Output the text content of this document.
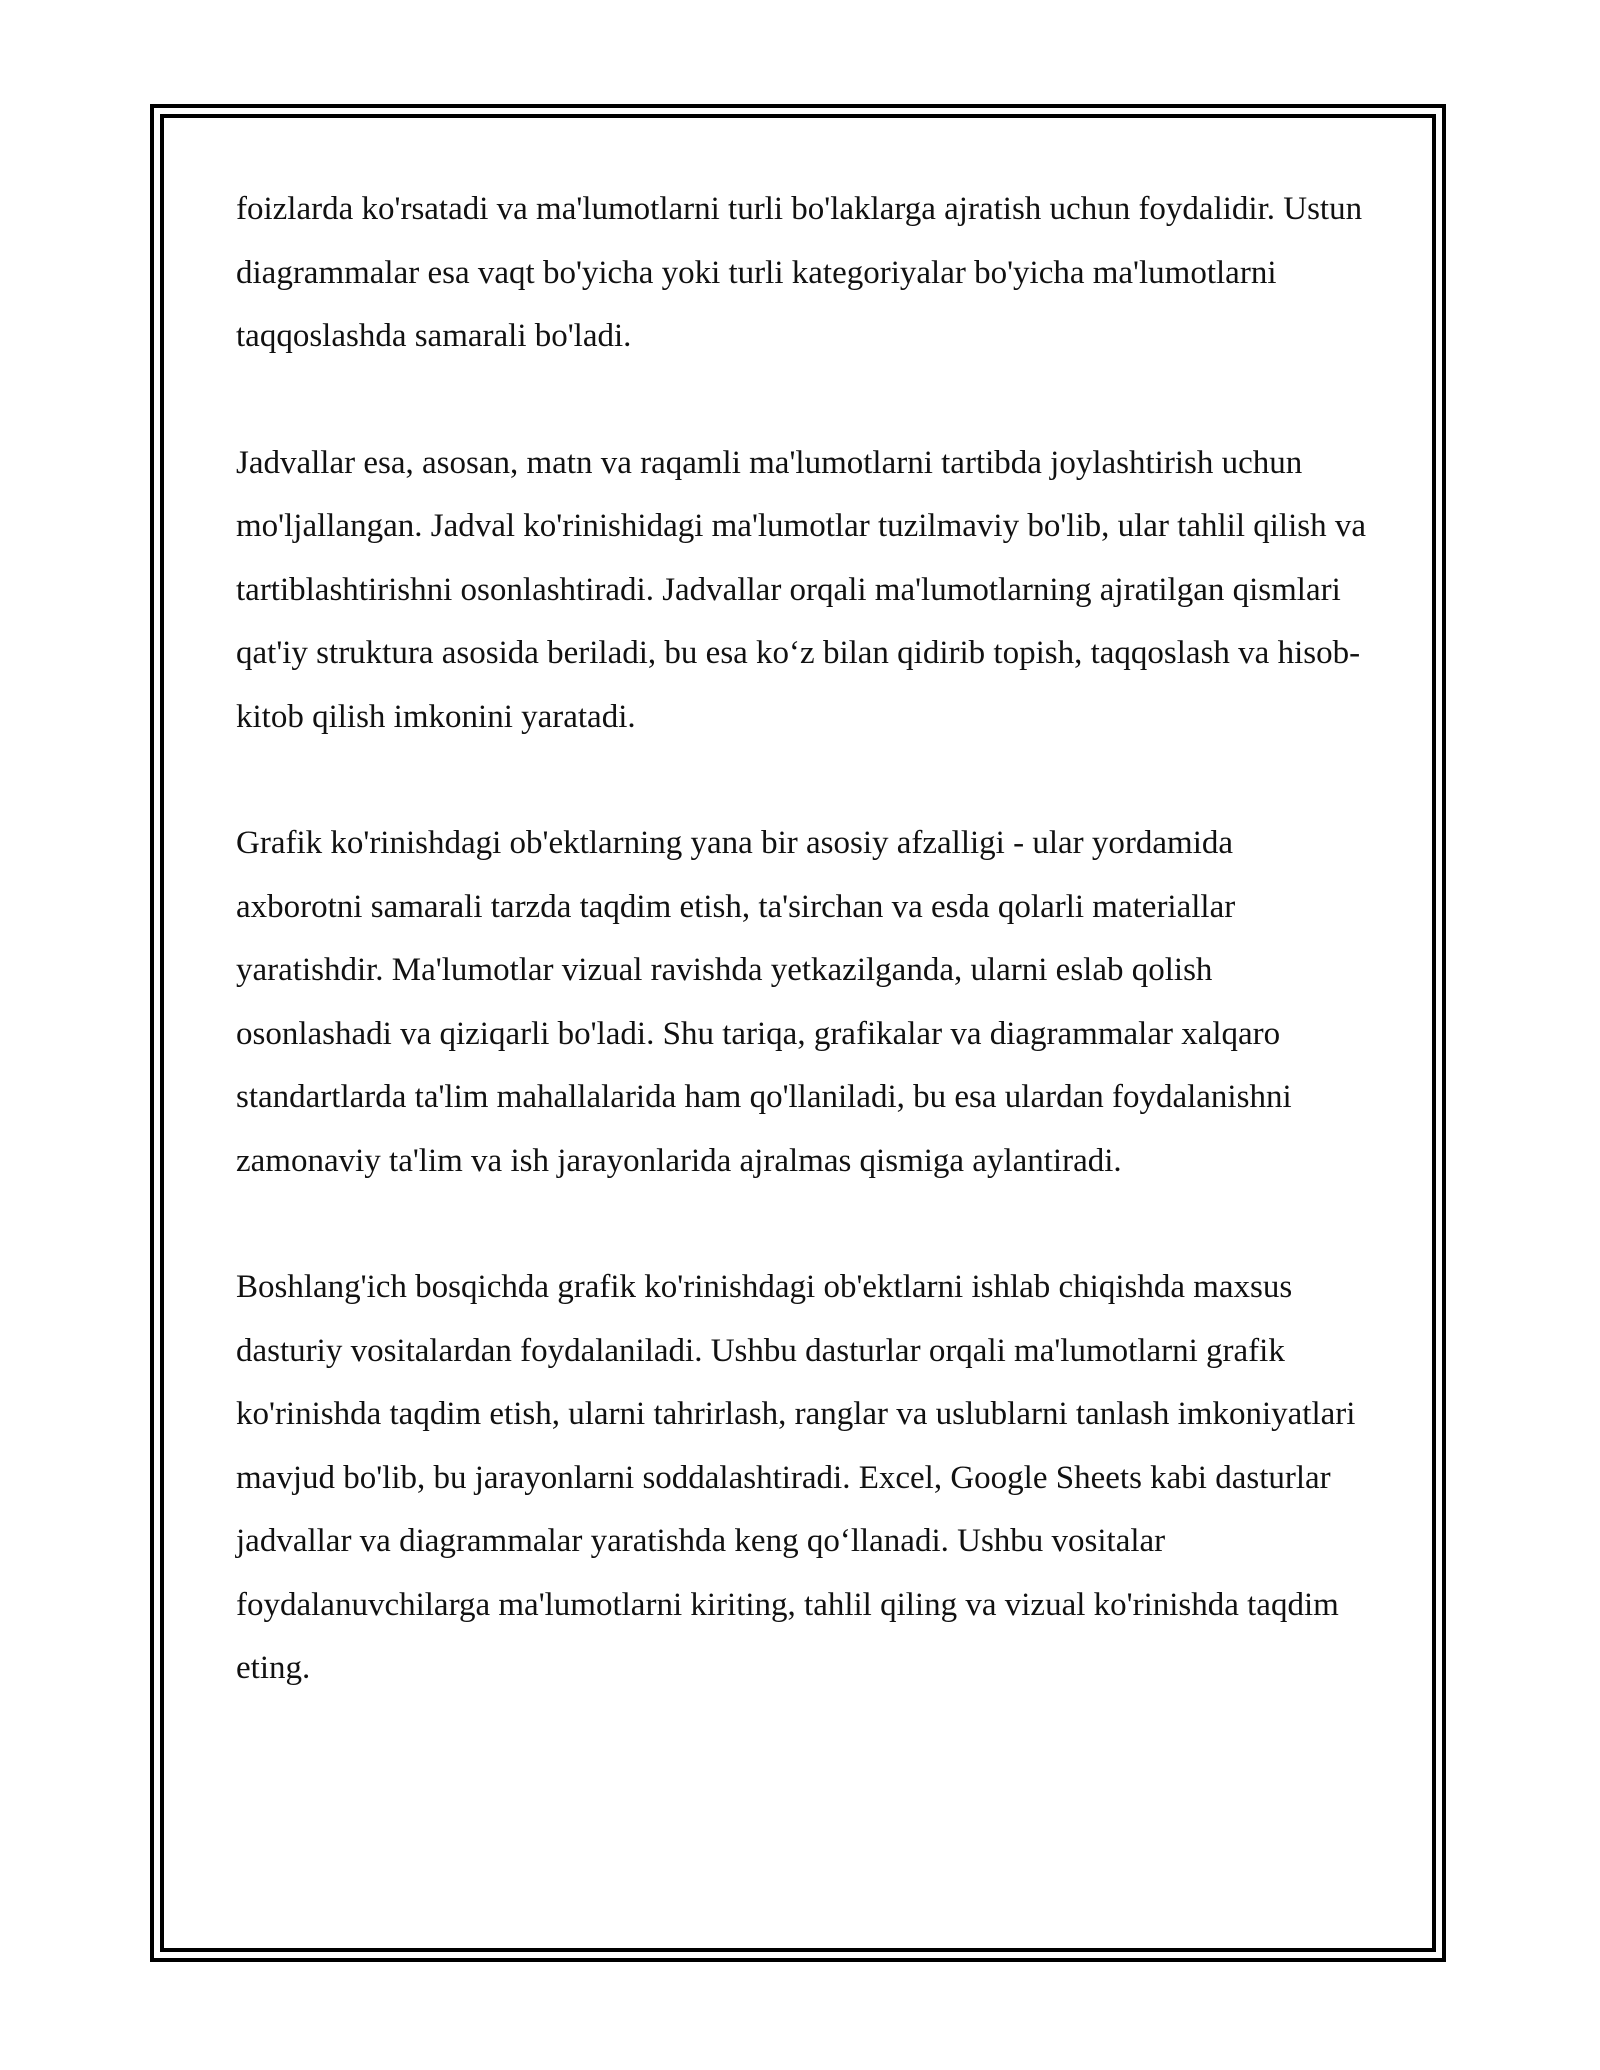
foizlarda ko'rsatadi va ma'lumotlarni turli bo'laklarga ajratish uchun foydalidir. Ustun diagrammalar esa vaqt bo'yicha yoki turli kategoriyalar bo'yicha ma'lumotlarni taqqoslashda samarali bo'ladi.

Jadvallar esa, asosan, matn va raqamli ma'lumotlarni tartibda joylashtirish uchun mo'ljallangan. Jadval ko'rinishidagi ma'lumotlar tuzilmaviy bo'lib, ular tahlil qilish va tartiblashtirishni osonlashtiradi. Jadvallar orqali ma'lumotlarning ajratilgan qismlari qat'iy struktura asosida beriladi, bu esa ko‘z bilan qidirib topish, taqqoslash va hisob-kitob qilish imkonini yaratadi.

Grafik ko'rinishdagi ob'ektlarning yana bir asosiy afzalligi - ular yordamida axborotni samarali tarzda taqdim etish, ta'sirchan va esda qolarli materiallar yaratishdir. Ma'lumotlar vizual ravishda yetkazilganda, ularni eslab qolish osonlashadi va qiziqarli bo'ladi. Shu tariqa, grafikalar va diagrammalar xalqaro standartlarda ta'lim mahallalarida ham qo'llaniladi, bu esa ulardan foydalanishni zamonaviy ta'lim va ish jarayonlarida ajralmas qismiga aylantiradi.

Boshlang'ich bosqichda grafik ko'rinishdagi ob'ektlarni ishlab chiqishda maxsus dasturiy vositalardan foydalaniladi. Ushbu dasturlar orqali ma'lumotlarni grafik ko'rinishda taqdim etish, ularni tahrirlash, ranglar va uslublarni tanlash imkoniyatlari mavjud bo'lib, bu jarayonlarni soddalashtiradi. Excel, Google Sheets kabi dasturlar jadvallar va diagrammalar yaratishda keng qo‘llanadi. Ushbu vositalar foydalanuvchilarga ma'lumotlarni kiriting, tahlil qiling va vizual ko'rinishda taqdim eting.
